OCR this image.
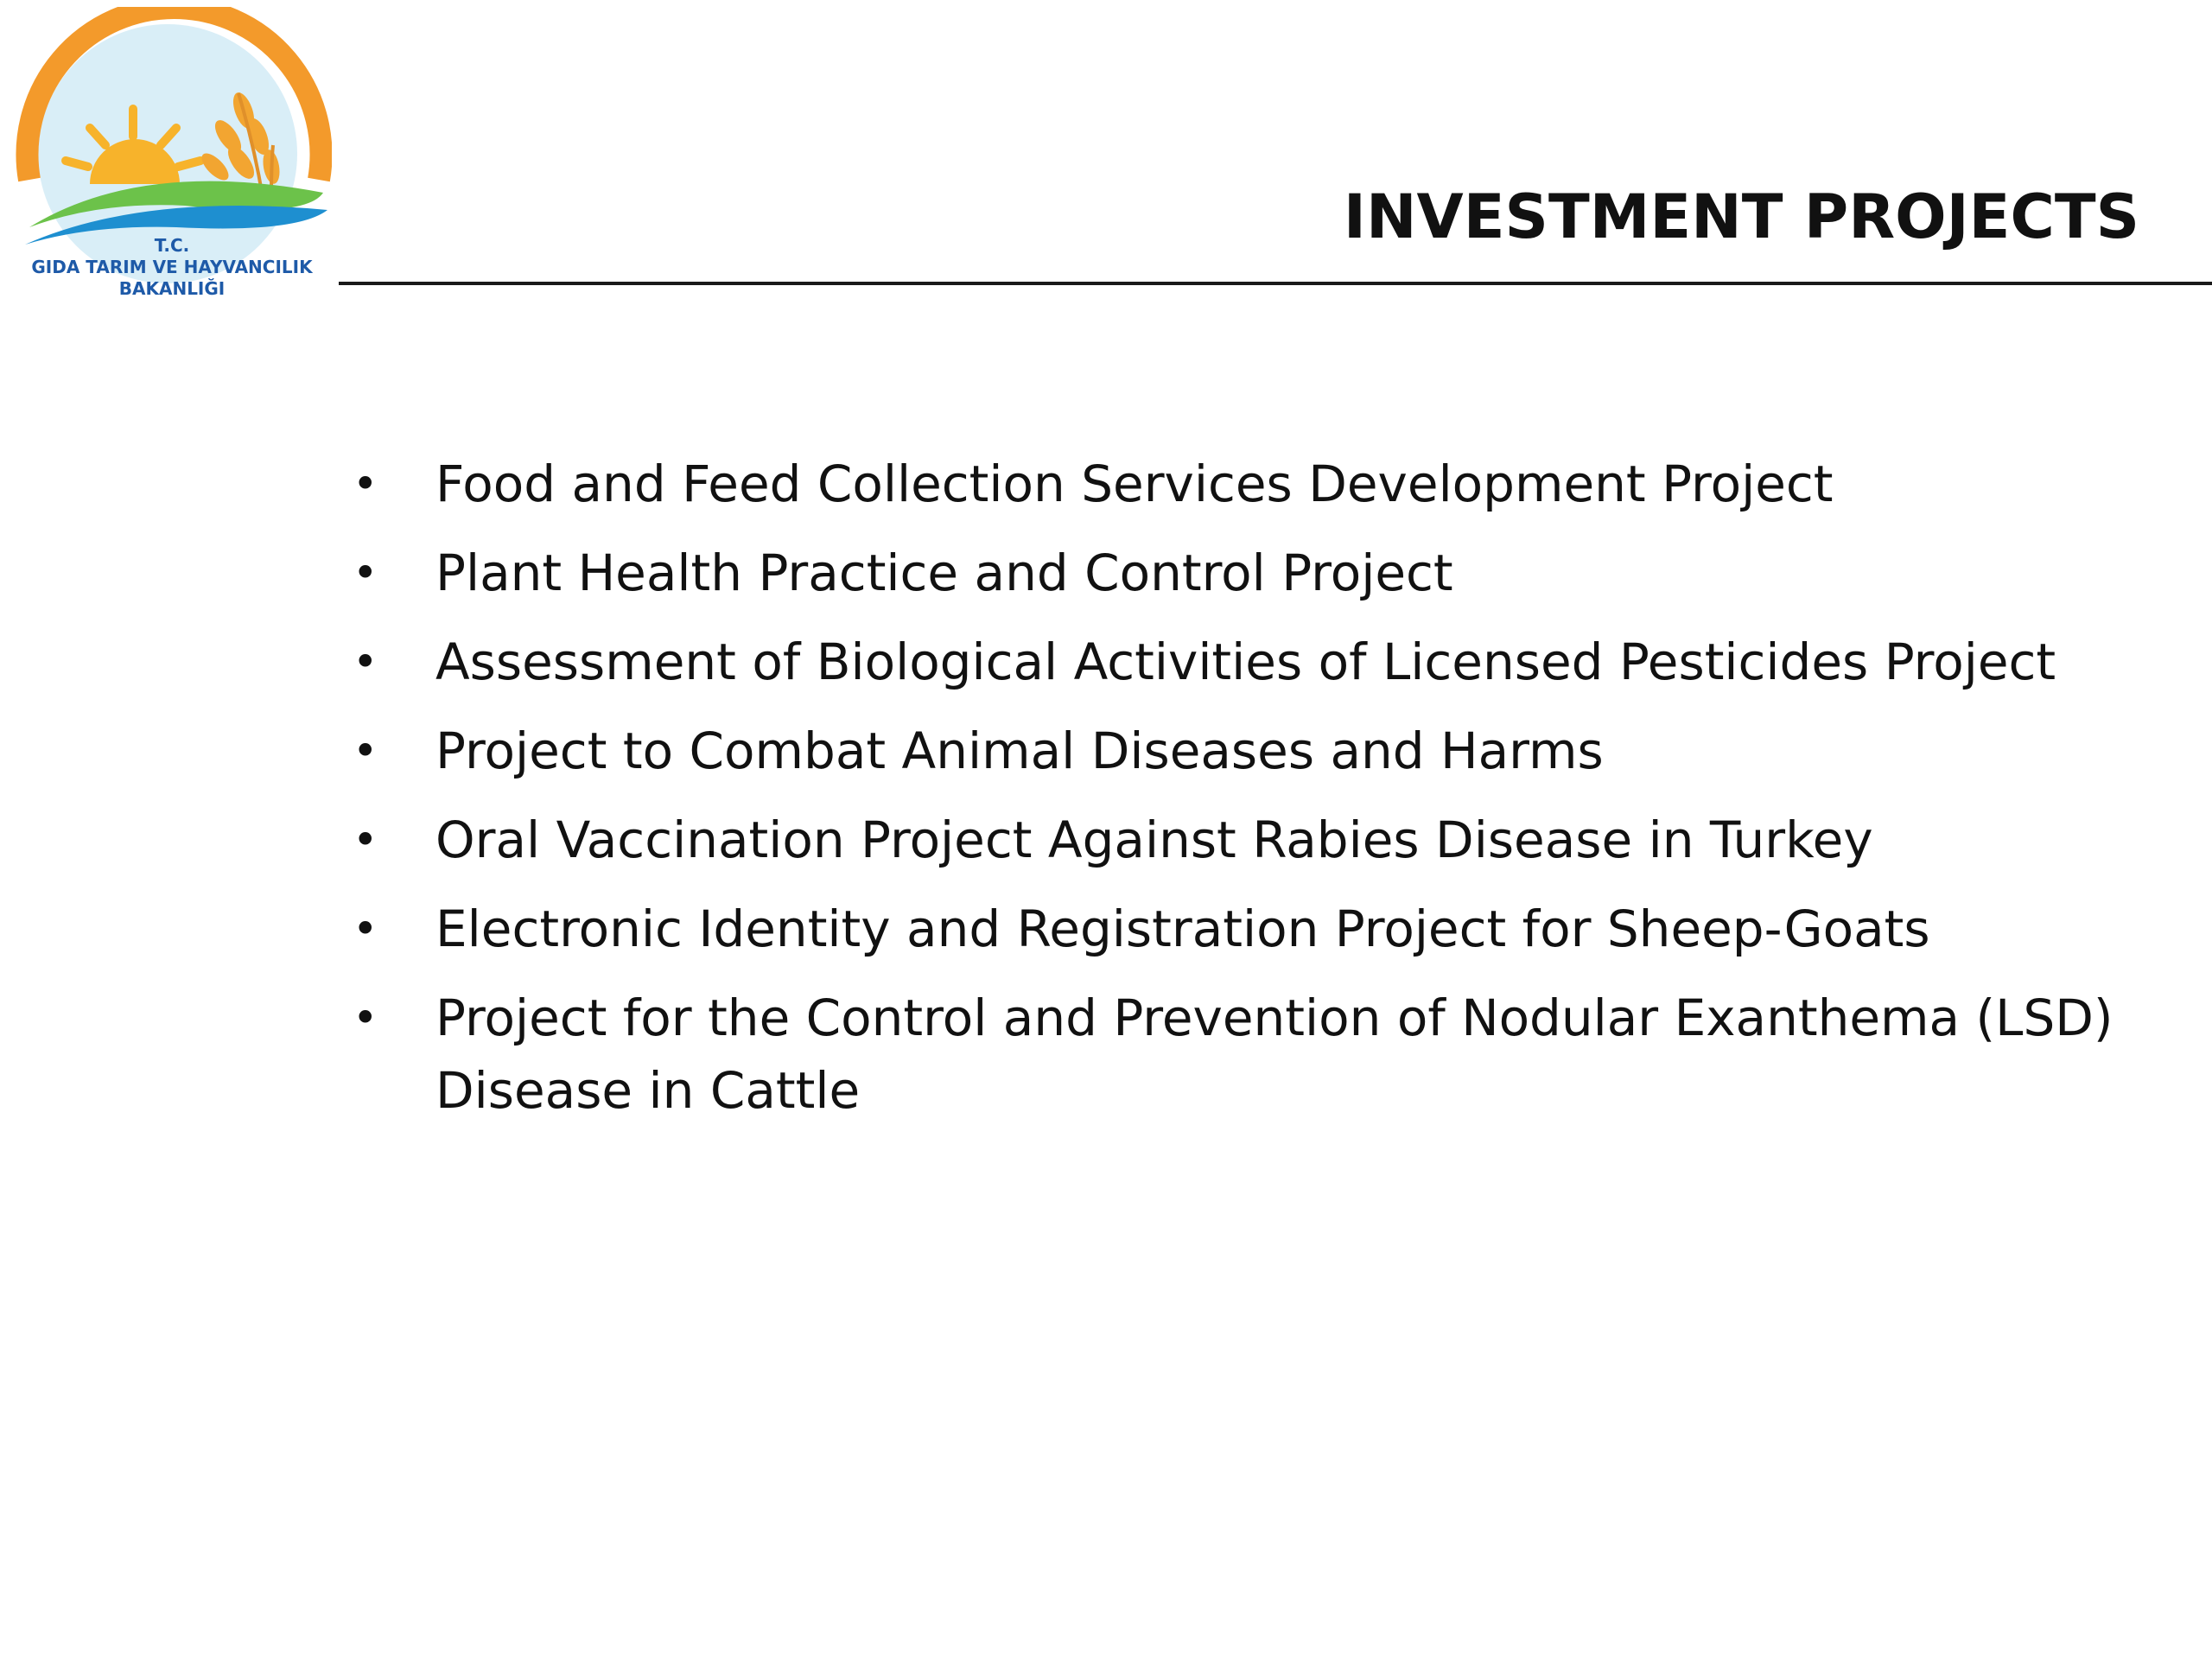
T.C.
GIDA TARIM VE HAYVANCILIK
BAKANLIĞI
INVESTMENT PROJECTS
• Food and Feed Collection Services Development Project
• Plant Health Practice and Control Project
• Assessment of Biological Activities of Licensed Pesticides Project
• Project to Combat Animal Diseases and Harms
• Oral Vaccination Project Against Rabies Disease in Turkey
• Electronic Identity and Registration Project for Sheep-Goats
• Project for the Control and Prevention of Nodular Exanthema (LSD) Disease in Cattle
